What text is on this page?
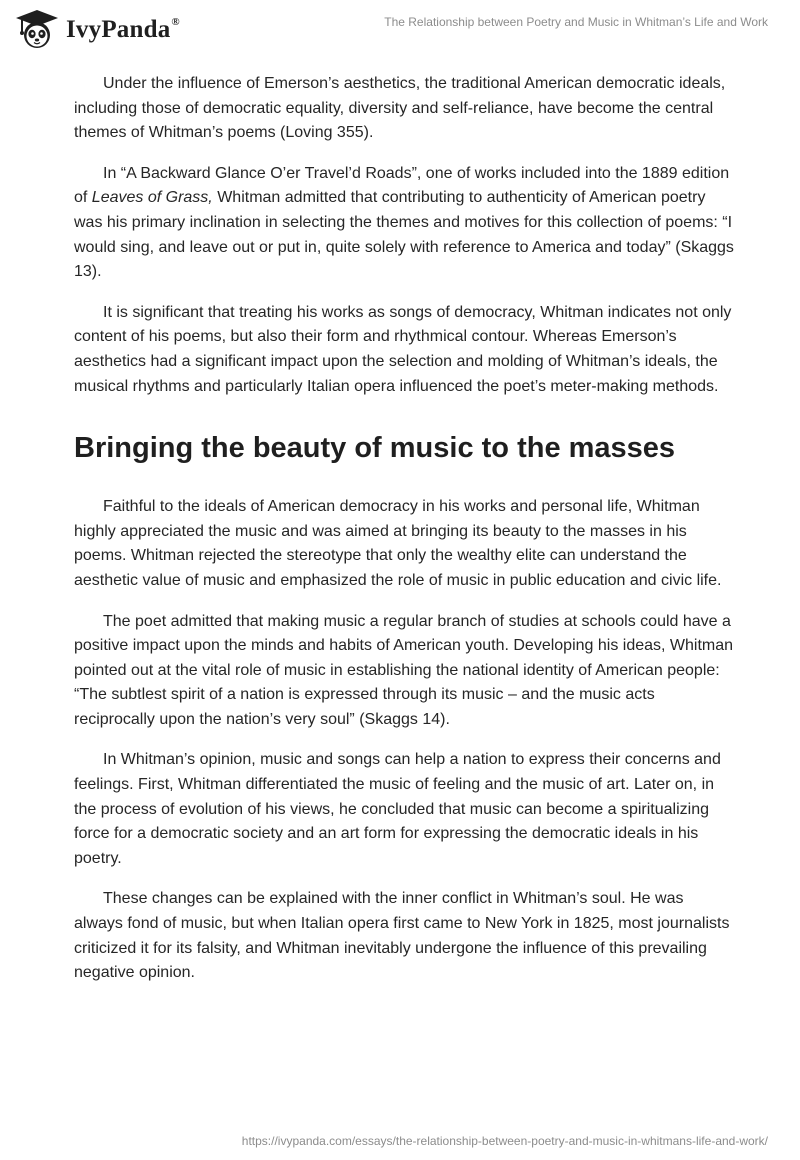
IvyPanda®	The Relationship between Poetry and Music in Whitman’s Life and Work

Under the influence of Emerson’s aesthetics, the traditional American democratic ideals, including those of democratic equality, diversity and self-reliance, have become the central themes of Whitman’s poems (Loving 355).

In “A Backward Glance O’er Travel’d Roads”, one of works included into the 1889 edition of Leaves of Grass, Whitman admitted that contributing to authenticity of American poetry was his primary inclination in selecting the themes and motives for this collection of poems: “I would sing, and leave out or put in, quite solely with reference to America and today” (Skaggs 13).

It is significant that treating his works as songs of democracy, Whitman indicates not only content of his poems, but also their form and rhythmical contour. Whereas Emerson’s aesthetics had a significant impact upon the selection and molding of Whitman’s ideals, the musical rhythms and particularly Italian opera influenced the poet’s meter-making methods.

Bringing the beauty of music to the masses

Faithful to the ideals of American democracy in his works and personal life, Whitman highly appreciated the music and was aimed at bringing its beauty to the masses in his poems. Whitman rejected the stereotype that only the wealthy elite can understand the aesthetic value of music and emphasized the role of music in public education and civic life.

The poet admitted that making music a regular branch of studies at schools could have a positive impact upon the minds and habits of American youth. Developing his ideas, Whitman pointed out at the vital role of music in establishing the national identity of American people: “The subtlest spirit of a nation is expressed through its music – and the music acts reciprocally upon the nation’s very soul” (Skaggs 14).

In Whitman’s opinion, music and songs can help a nation to express their concerns and feelings. First, Whitman differentiated the music of feeling and the music of art. Later on, in the process of evolution of his views, he concluded that music can become a spiritualizing force for a democratic society and an art form for expressing the democratic ideals in his poetry.

These changes can be explained with the inner conflict in Whitman’s soul. He was always fond of music, but when Italian opera first came to New York in 1825, most journalists criticized it for its falsity, and Whitman inevitably undergone the influence of this prevailing negative opinion.

https://ivypanda.com/essays/the-relationship-between-poetry-and-music-in-whitmans-life-and-work/
